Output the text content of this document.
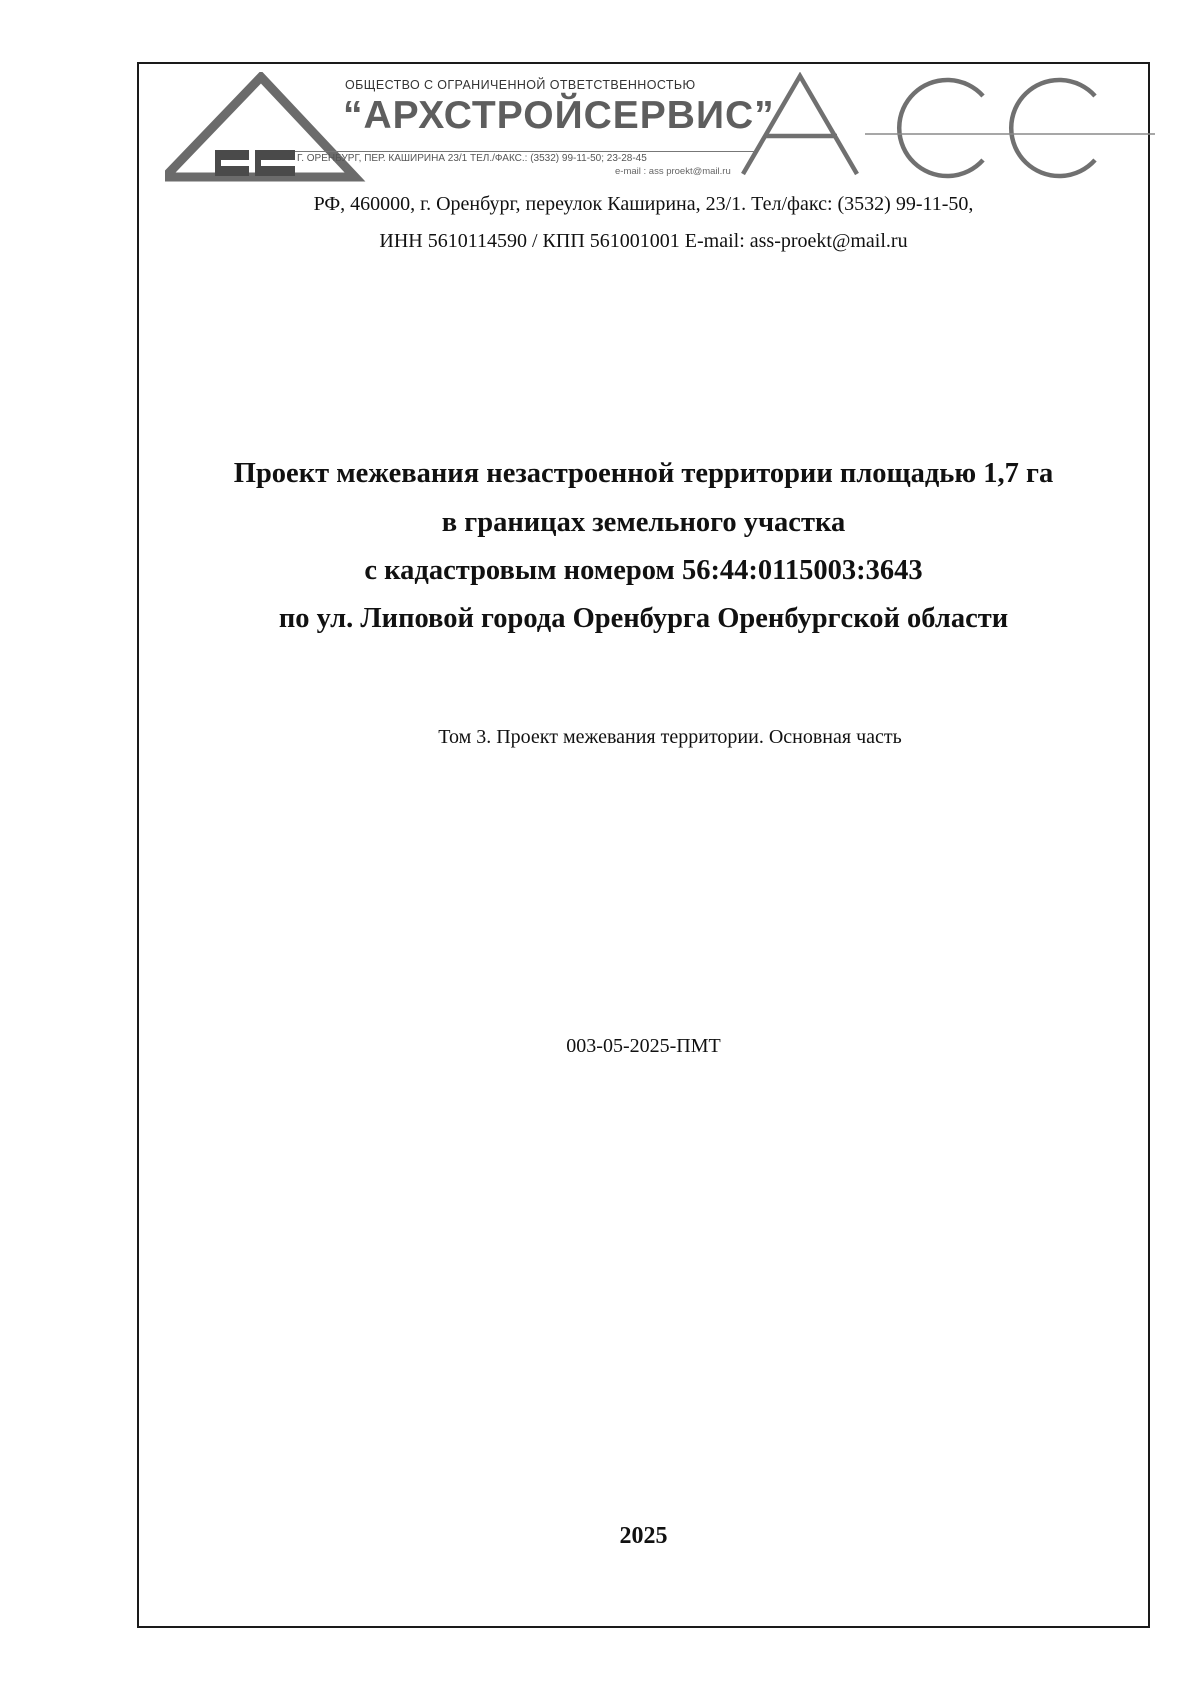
ОБЩЕСТВО С ОГРАНИЧЕННОЙ ОТВЕТСТВЕННОСТЬЮ
“АРХСТРОЙСЕРВИС”
Г. ОРЕНБУРГ, ПЕР. КАШИРИНА 23/1 ТЕЛ./ФАКС.: (3532) 99-11-50; 23-28-45
e-mail : ass proekt@mail.ru
РФ, 460000, г. Оренбург, переулок Каширина, 23/1. Тел/факс: (3532) 99-11-50,
ИНН 5610114590 / КПП 561001001 E-mail: ass-proekt@mail.ru
Проект межевания незастроенной территории площадью 1,7 га
в границах земельного участка
с кадастровым номером 56:44:0115003:3643
по ул. Липовой города Оренбурга Оренбургской области
Том 3. Проект межевания территории. Основная часть
003-05-2025-ПМТ
2025
